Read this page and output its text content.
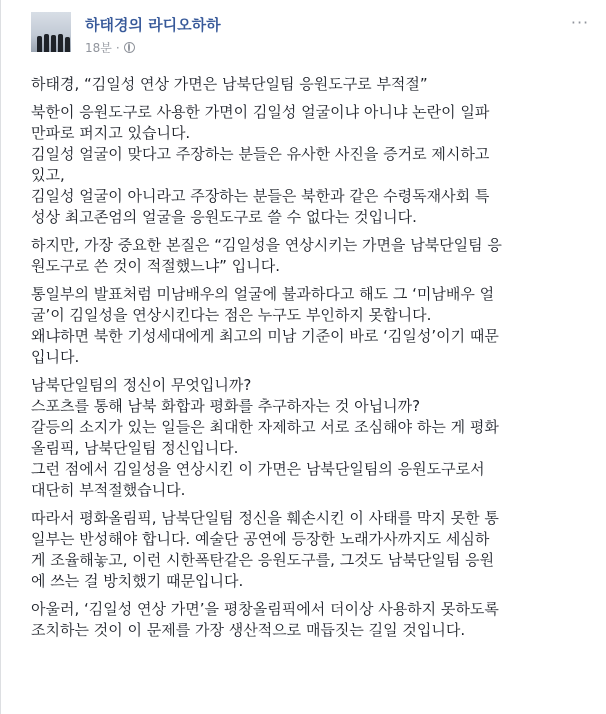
하태경의 라디오하하
18분 ·
···

하태경, “김일성 연상 가면은 남북단일팀 응원도구로 부적절”

북한이 응원도구로 사용한 가면이 김일성 얼굴이냐 아니냐 논란이 일파
만파로 퍼지고 있습니다.
김일성 얼굴이 맞다고 주장하는 분들은 유사한 사진을 증거로 제시하고
있고,
김일성 얼굴이 아니라고 주장하는 분들은 북한과 같은 수령독재사회 특
성상 최고존엄의 얼굴을 응원도구로 쓸 수 없다는 것입니다.

하지만, 가장 중요한 본질은 “김일성을 연상시키는 가면을 남북단일팀 응
원도구로 쓴 것이 적절했느냐” 입니다.

통일부의 발표처럼 미남배우의 얼굴에 불과하다고 해도 그 ‘미남배우 얼
굴’이 김일성을 연상시킨다는 점은 누구도 부인하지 못합니다.
왜냐하면 북한 기성세대에게 최고의 미남 기준이 바로 ‘김일성’이기 때문
입니다.

남북단일팀의 정신이 무엇입니까?
스포츠를 통해 남북 화합과 평화를 추구하자는 것 아닙니까?
갈등의 소지가 있는 일들은 최대한 자제하고 서로 조심해야 하는 게 평화
올림픽, 남북단일팀 정신입니다.
그런 점에서 김일성을 연상시킨 이 가면은 남북단일팀의 응원도구로서
대단히 부적절했습니다.

따라서 평화올림픽, 남북단일팀 정신을 훼손시킨 이 사태를 막지 못한 통
일부는 반성해야 합니다. 예술단 공연에 등장한 노래가사까지도 세심하
게 조율해놓고, 이런 시한폭탄같은 응원도구를, 그것도 남북단일팀 응원
에 쓰는 걸 방치했기 때문입니다.

아울러, ‘김일성 연상 가면’을 평창올림픽에서 더이상 사용하지 못하도록
조치하는 것이 이 문제를 가장 생산적으로 매듭짓는 길일 것입니다.
